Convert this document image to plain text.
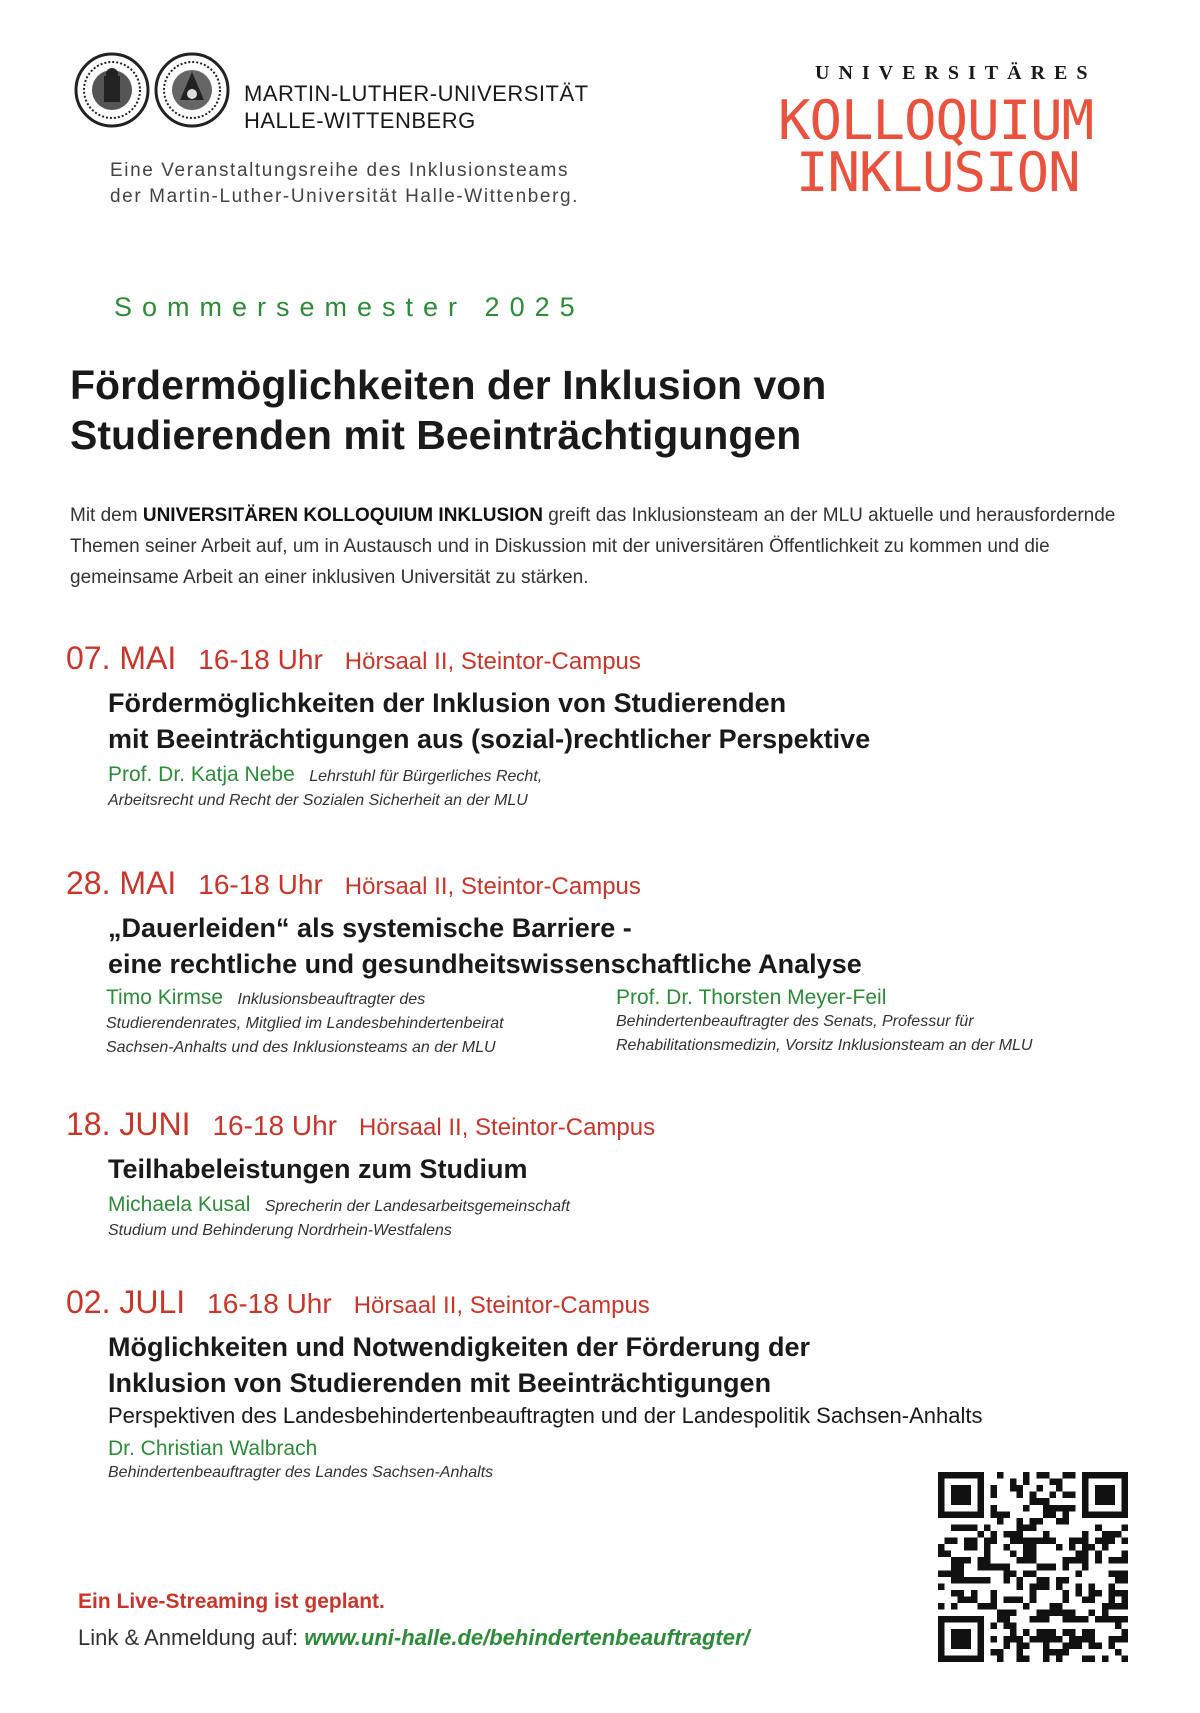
MARTIN-LUTHER-UNIVERSITÄT
HALLE-WITTENBERG
Eine Veranstaltungsreihe des Inklusionsteams
der Martin-Luther-Universität Halle-Wittenberg.
UNIVERSITÄRES
KOLLOQUIUM
INKLUSION
Sommersemester 2025
Fördermöglichkeiten der Inklusion von
Studierenden mit Beeinträchtigungen
Mit dem UNIVERSITÄREN KOLLOQUIUM INKLUSION greift das Inklusionsteam an der MLU aktuelle und herausfordernde Themen seiner Arbeit auf, um in Austausch und in Diskussion mit der universitären Öffentlichkeit zu kommen und die gemeinsame Arbeit an einer inklusiven Universität zu stärken.
07. MAI 16-18 Uhr Hörsaal II, Steintor-Campus
Fördermöglichkeiten der Inklusion von Studierenden
mit Beeinträchtigungen aus (sozial-)rechtlicher Perspektive
Prof. Dr. Katja Nebe Lehrstuhl für Bürgerliches Recht,
Arbeitsrecht und Recht der Sozialen Sicherheit an der MLU
28. MAI 16-18 Uhr Hörsaal II, Steintor-Campus
„Dauerleiden“ als systemische Barriere -
eine rechtliche und gesundheitswissenschaftliche Analyse
Timo Kirmse Inklusionsbeauftragter des
Studierendenrates, Mitglied im Landesbehindertenbeirat
Sachsen-Anhalts und des Inklusionsteams an der MLU
Prof. Dr. Thorsten Meyer-Feil
Behindertenbeauftragter des Senats, Professur für
Rehabilitationsmedizin, Vorsitz Inklusionsteam an der MLU
18. JUNI 16-18 Uhr Hörsaal II, Steintor-Campus
Teilhabeleistungen zum Studium
Michaela Kusal Sprecherin der Landesarbeitsgemeinschaft
Studium und Behinderung Nordrhein-Westfalens
02. JULI 16-18 Uhr Hörsaal II, Steintor-Campus
Möglichkeiten und Notwendigkeiten der Förderung der
Inklusion von Studierenden mit Beeinträchtigungen
Perspektiven des Landesbehindertenbeauftragten und der Landespolitik Sachsen-Anhalts
Dr. Christian Walbrach
Behindertenbeauftragter des Landes Sachsen-Anhalts
Ein Live-Streaming ist geplant.
Link & Anmeldung auf: www.uni-halle.de/behindertenbeauftragter/
